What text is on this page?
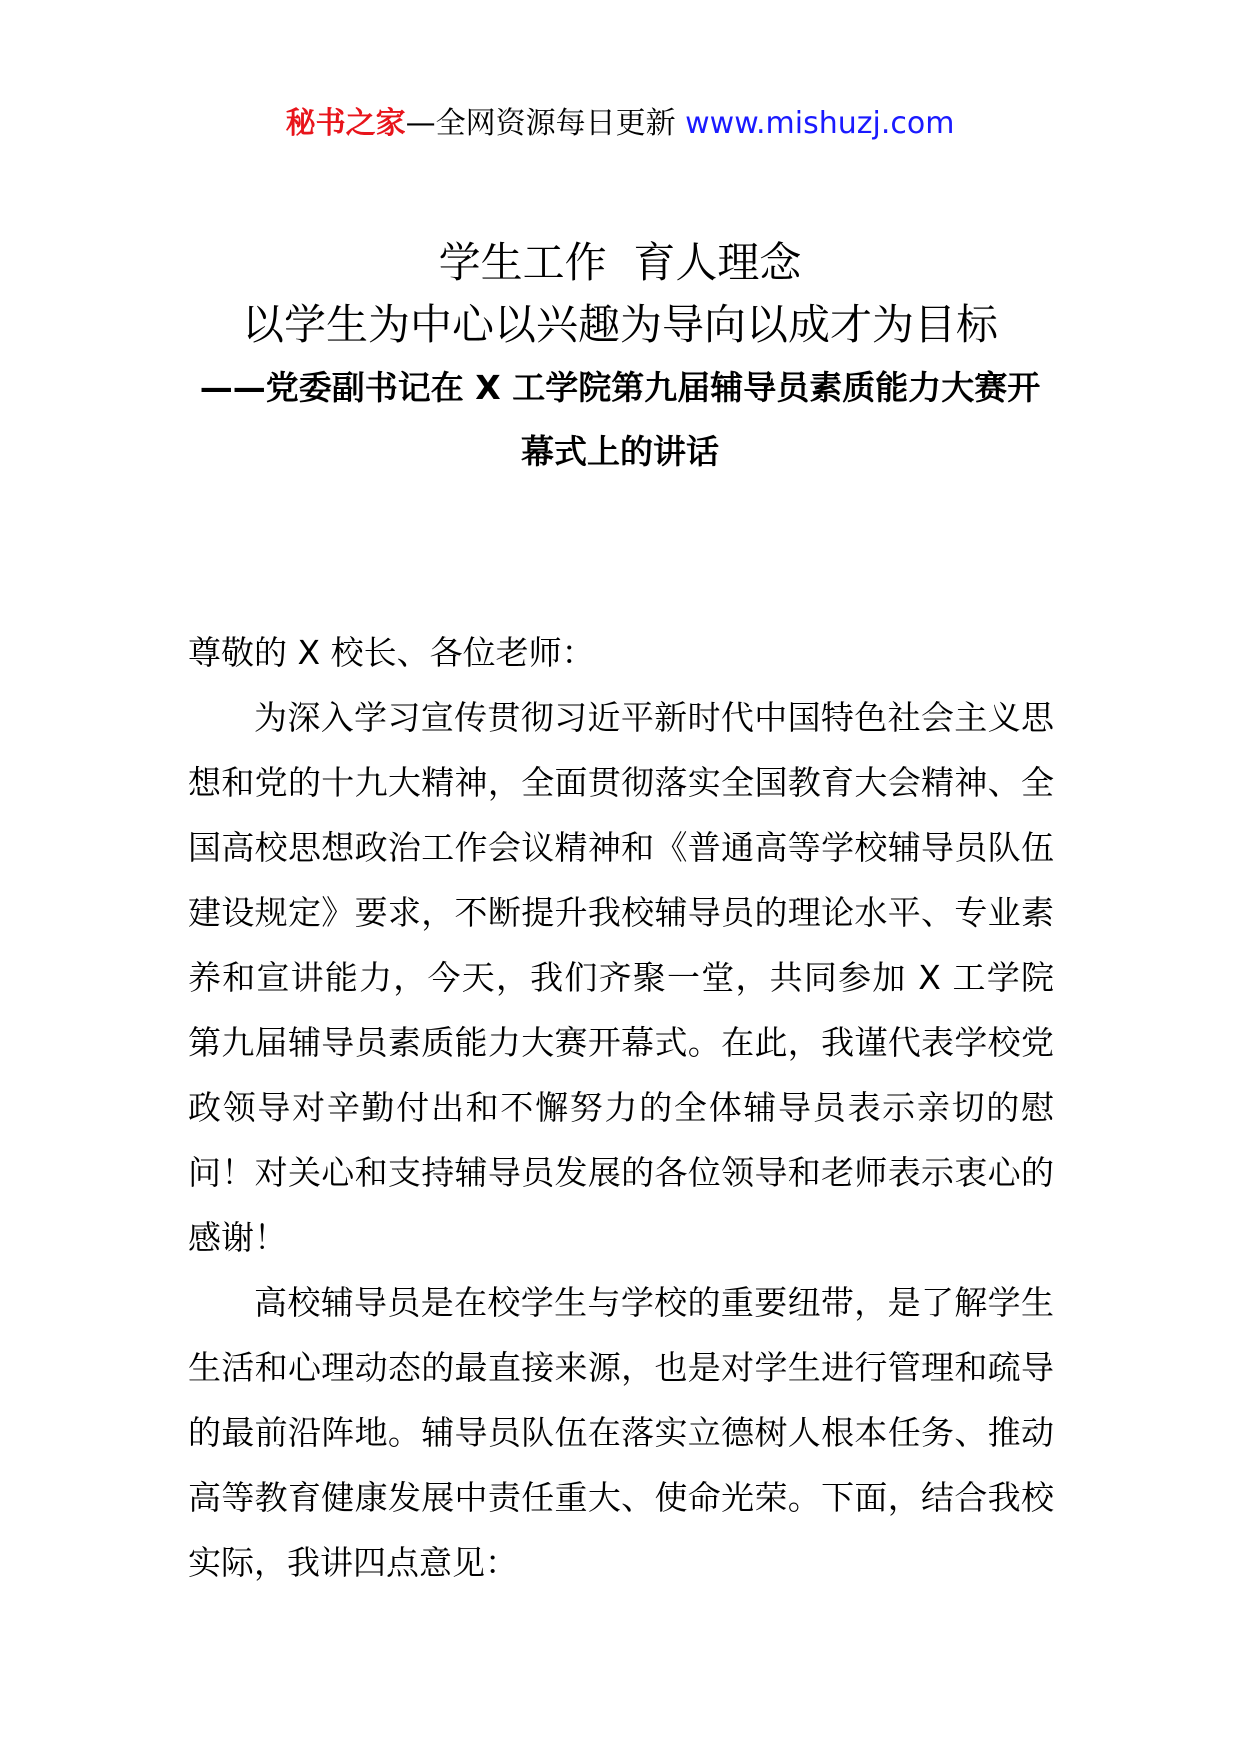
秘书之家—全网资源每日更新 www.mishuzj.com
学生工作  育人理念
以学生为中心以兴趣为导向以成才为目标
——党委副书记在 X 工学院第九届辅导员素质能力大赛开
幕式上的讲话

尊敬的 X 校长、各位老师：

为深入学习宣传贯彻习近平新时代中国特色社会主义思想和党的十九大精神，全面贯彻落实全国教育大会精神、全国高校思想政治工作会议精神和《普通高等学校辅导员队伍建设规定》要求，不断提升我校辅导员的理论水平、专业素养和宣讲能力，今天，我们齐聚一堂，共同参加 X 工学院第九届辅导员素质能力大赛开幕式。在此，我谨代表学校党政领导对辛勤付出和不懈努力的全体辅导员表示亲切的慰问！对关心和支持辅导员发展的各位领导和老师表示衷心的感谢！

高校辅导员是在校学生与学校的重要纽带，是了解学生生活和心理动态的最直接来源，也是对学生进行管理和疏导的最前沿阵地。辅导员队伍在落实立德树人根本任务、推动高等教育健康发展中责任重大、使命光荣。下面，结合我校实际，我讲四点意见：
